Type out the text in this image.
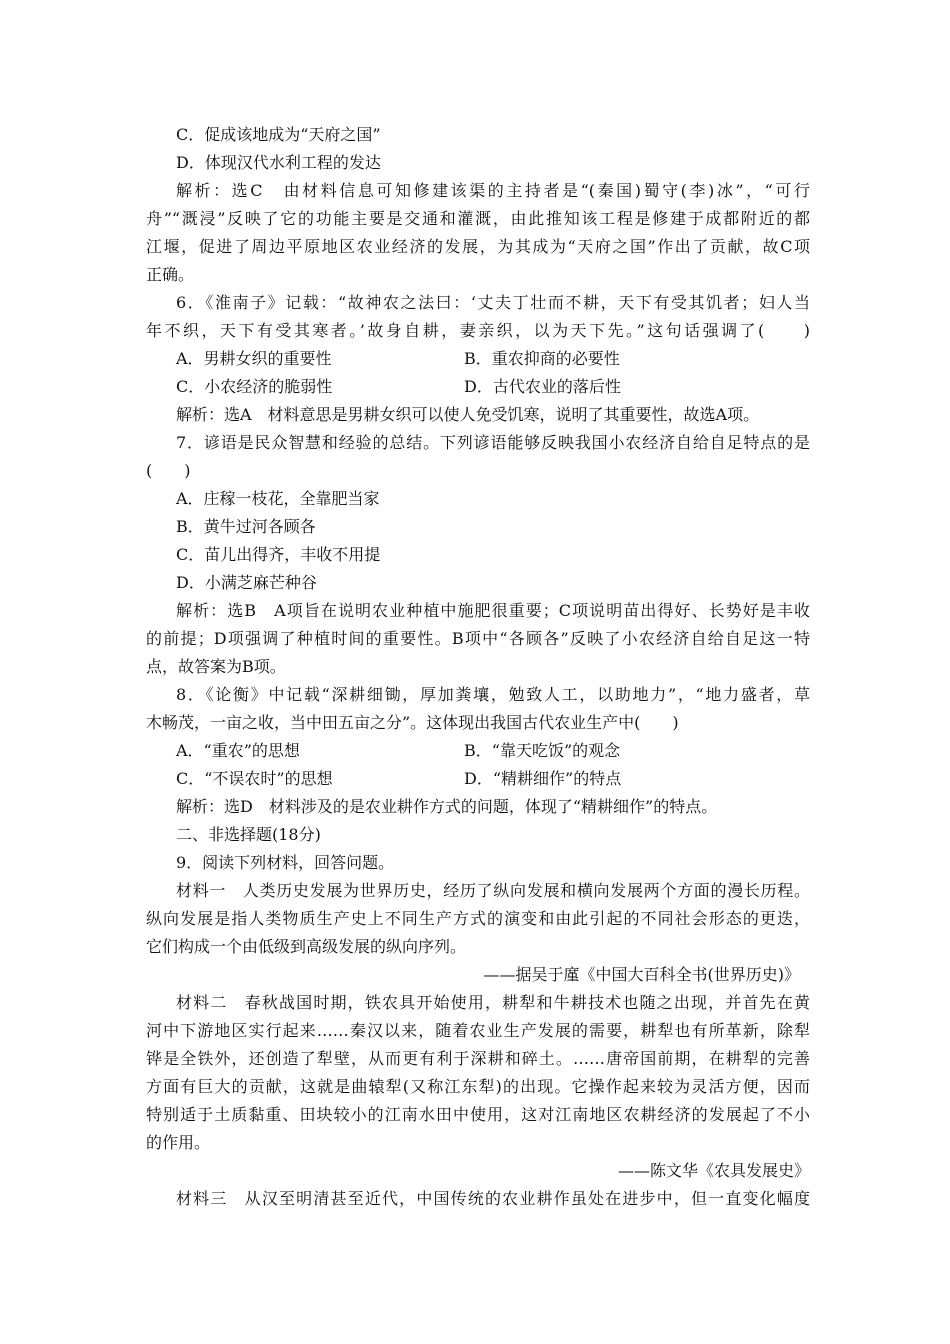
C．促成该地成为“天府之国”
D．体现汉代水利工程的发达
解析：选C　由材料信息可知修建该渠的主持者是“(秦国)蜀守(李)冰”，“可行
舟”“溉浸”反映了它的功能主要是交通和灌溉，由此推知该工程是修建于成都附近的都
江堰，促进了周边平原地区农业经济的发展，为其成为“天府之国”作出了贡献，故C项
正确。
6．《淮南子》记载：“故神农之法曰：‘丈夫丁壮而不耕，天下有受其饥者；妇人当
年不织，天下有受其寒者。’故身自耕，妻亲织，以为天下先。”这句话强调了(　　)
A．男耕女织的重要性	B．重农抑商的必要性
C．小农经济的脆弱性	D．古代农业的落后性
解析：选A　材料意思是男耕女织可以使人免受饥寒，说明了其重要性，故选A项。
7．谚语是民众智慧和经验的总结。下列谚语能够反映我国小农经济自给自足特点的是
(　　)
A．庄稼一枝花，全靠肥当家
B．黄牛过河各顾各
C．苗儿出得齐，丰收不用提
D．小满芝麻芒种谷
解析：选B　A项旨在说明农业种植中施肥很重要；C项说明苗出得好、长势好是丰收
的前提；D项强调了种植时间的重要性。B项中“各顾各”反映了小农经济自给自足这一特
点，故答案为B项。
8．《论衡》中记载“深耕细锄，厚加粪壤，勉致人工，以助地力”，“地力盛者，草
木畅茂，一亩之收，当中田五亩之分”。这体现出我国古代农业生产中(　　)
A．“重农”的思想	B．“靠天吃饭”的观念
C．“不误农时”的思想	D．“精耕细作”的特点
解析：选D　材料涉及的是农业耕作方式的问题，体现了“精耕细作”的特点。
二、非选择题(18分)
9．阅读下列材料，回答问题。
材料一　人类历史发展为世界历史，经历了纵向发展和横向发展两个方面的漫长历程。
纵向发展是指人类物质生产史上不同生产方式的演变和由此引起的不同社会形态的更迭，
它们构成一个由低级到高级发展的纵向序列。
——据吴于廑《中国大百科全书(世界历史)》
材料二　春秋战国时期，铁农具开始使用，耕犁和牛耕技术也随之出现，并首先在黄
河中下游地区实行起来……秦汉以来，随着农业生产发展的需要，耕犁也有所革新，除犁
铧是全铁外，还创造了犁壁，从而更有利于深耕和碎土。……唐帝国前期，在耕犁的完善
方面有巨大的贡献，这就是曲辕犁(又称江东犁)的出现。它操作起来较为灵活方便，因而
特别适于土质黏重、田块较小的江南水田中使用，这对江南地区农耕经济的发展起了不小
的作用。
——陈文华《农具发展史》
材料三　从汉至明清甚至近代，中国传统的农业耕作虽处在进步中，但一直变化幅度
